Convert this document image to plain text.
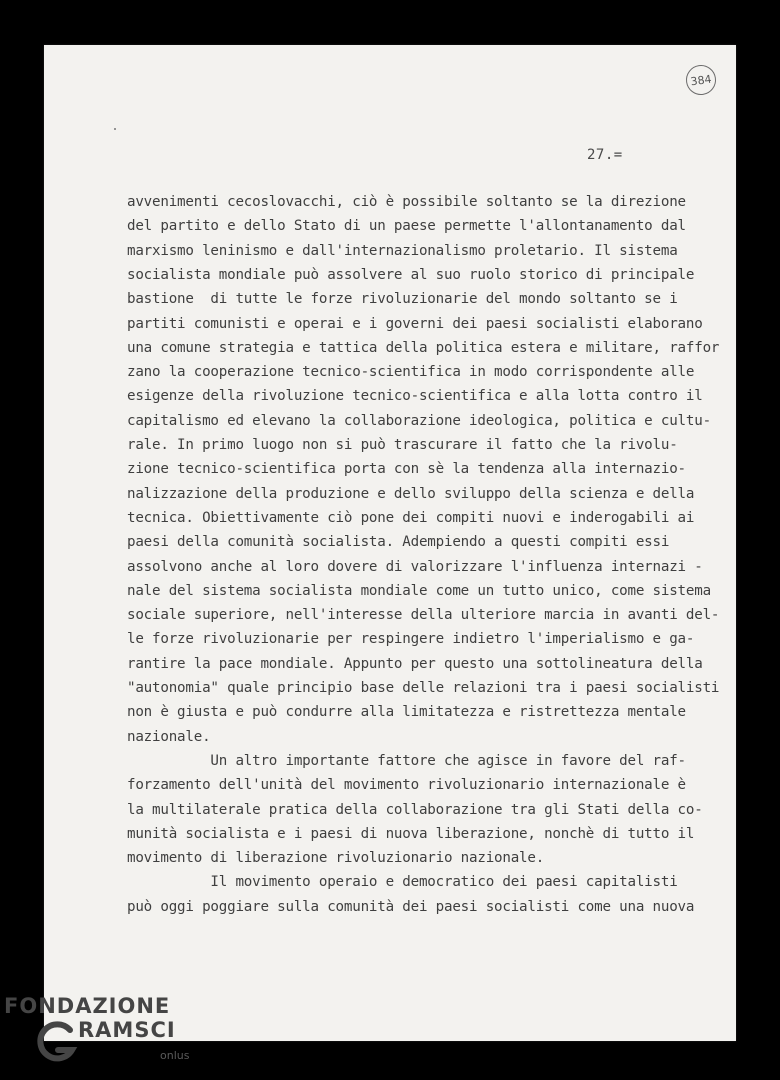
384
27.=
avvenimenti cecoslovacchi, ciò è possibile soltanto se la direzione
del partito e dello Stato di un paese permette l'allontanamento dal
marxismo leninismo e dall'internazionalismo proletario. Il sistema
socialista mondiale può assolvere al suo ruolo storico di principale
bastione  di tutte le forze rivoluzionarie del mondo soltanto se i
partiti comunisti e operai e i governi dei paesi socialisti elaborano
una comune strategia e tattica della politica estera e militare, raffor
zano la cooperazione tecnico-scientifica in modo corrispondente alle
esigenze della rivoluzione tecnico-scientifica e alla lotta contro il
capitalismo ed elevano la collaborazione ideologica, politica e cultu-
rale. In primo luogo non si può trascurare il fatto che la rivolu-
zione tecnico-scientifica porta con sè la tendenza alla internazio-
nalizzazione della produzione e dello sviluppo della scienza e della
tecnica. Obiettivamente ciò pone dei compiti nuovi e inderogabili ai
paesi della comunità socialista. Adempiendo a questi compiti essi
assolvono anche al loro dovere di valorizzare l'influenza internazi -
nale del sistema socialista mondiale come un tutto unico, come sistema
sociale superiore, nell'interesse della ulteriore marcia in avanti del-
le forze rivoluzionarie per respingere indietro l'imperialismo e ga-
rantire la pace mondiale. Appunto per questo una sottolineatura della
"autonomia" quale principio base delle relazioni tra i paesi socialisti
non è giusta e può condurre alla limitatezza e ristrettezza mentale
nazionale.
Un altro importante fattore che agisce in favore del raf-
forzamento dell'unità del movimento rivoluzionario internazionale è
la multilaterale pratica della collaborazione tra gli Stati della co-
munità socialista e i paesi di nuova liberazione, nonchè di tutto il
movimento di liberazione rivoluzionario nazionale.
Il movimento operaio e democratico dei paesi capitalisti
può oggi poggiare sulla comunità dei paesi socialisti come una nuova
FONDAZIONE
RAMSCI
onlus
